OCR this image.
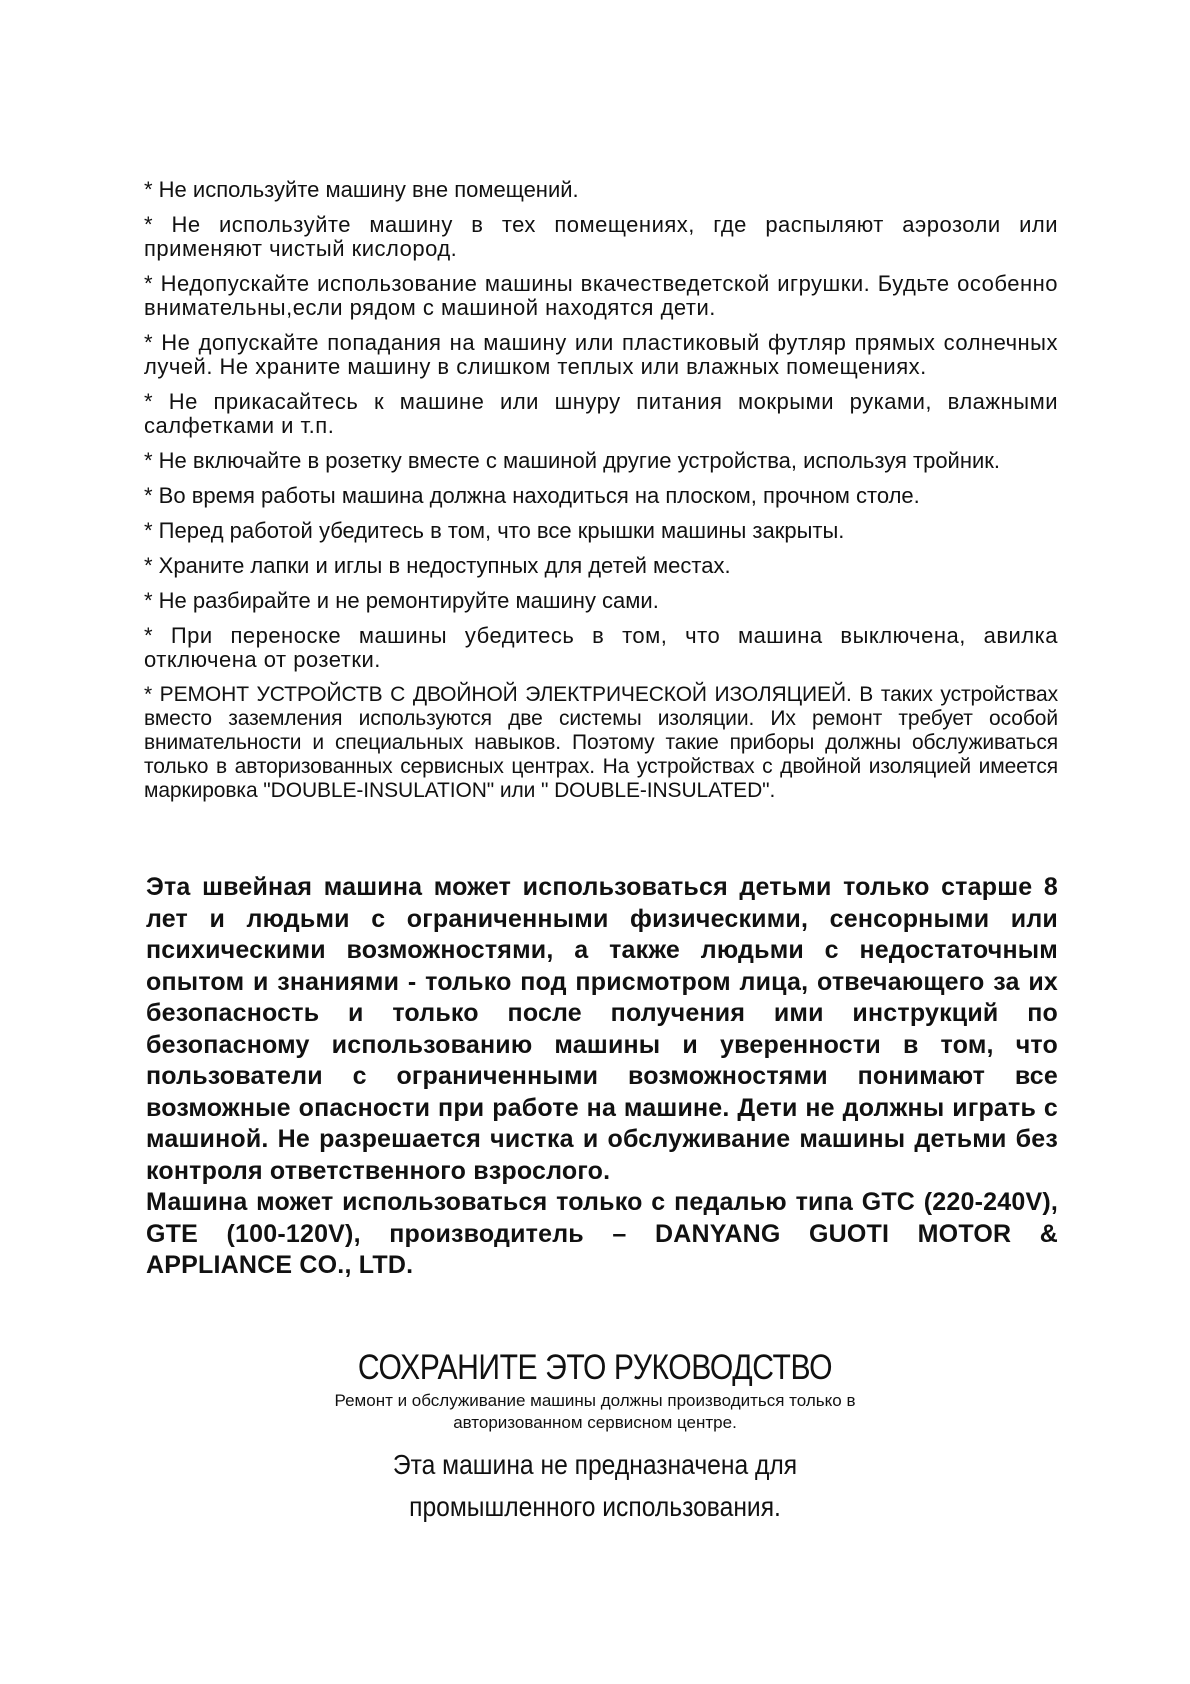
* Не используйте машину вне помещений.

* Не используйте машину в тех помещениях, где распыляют аэрозоли или применяют чистый кислород.

* Недопускайте использование машины вкачестведетской игрушки. Будьте особенно внимательны,если рядом с машиной находятся дети.

* Не допускайте попадания на машину или пластиковый футляр прямых солнечных лучей. Не храните машину в слишком теплых или влажных помещениях.

* Не прикасайтесь к машине или шнуру питания мокрыми руками, влажными салфетками и т.п.

* Не включайте в розетку вместе с машиной другие устройства, используя тройник.

* Во время работы машина должна находиться на плоском, прочном столе.

* Перед работой убедитесь в том, что все крышки машины закрыты.

* Храните лапки и иглы в недоступных для детей местах.

* Не разбирайте и не ремонтируйте машину сами.

* При переноске машины убедитесь в том, что машина выключена, авилка отключена от розетки.

* РЕМОНТ УСТРОЙСТВ С ДВОЙНОЙ ЭЛЕКТРИЧЕСКОЙ ИЗОЛЯЦИЕЙ. В таких устройствах вместо заземления используются две системы изоляции. Их ремонт требует особой внимательности и специальных навыков. Поэтому такие приборы должны обслуживаться только в авторизованных сервисных центрах. На устройствах с двойной изоляцией имеется маркировка "DOUBLE-INSULATION" или " DOUBLE-INSULATED".

Эта швейная машина может использоваться детьми только старше 8 лет и людьми с ограниченными физическими, сенсорными или психическими возможностями, а также людьми с недостаточным опытом и знаниями - только под присмотром лица, отвечающего за их безопасность и только после получения ими инструкций по безопасному использованию машины и уверенности в том, что пользователи с ограниченными возможностями понимают все возможные опасности при работе на машине. Дети не должны играть с машиной. Не разрешается чистка и обслуживание машины детьми без контроля ответственного взрослого.

Машина может использоваться только с педалью типа GTC (220-240V), GTE (100-120V), производитель – DANYANG GUOTI MOTOR & APPLIANCE CO., LTD.

СОХРАНИТЕ ЭТО РУКОВОДСТВО

Ремонт и обслуживание машины должны производиться только в авторизованном сервисном центре.

Эта машина не предназначена для промышленного использования.
